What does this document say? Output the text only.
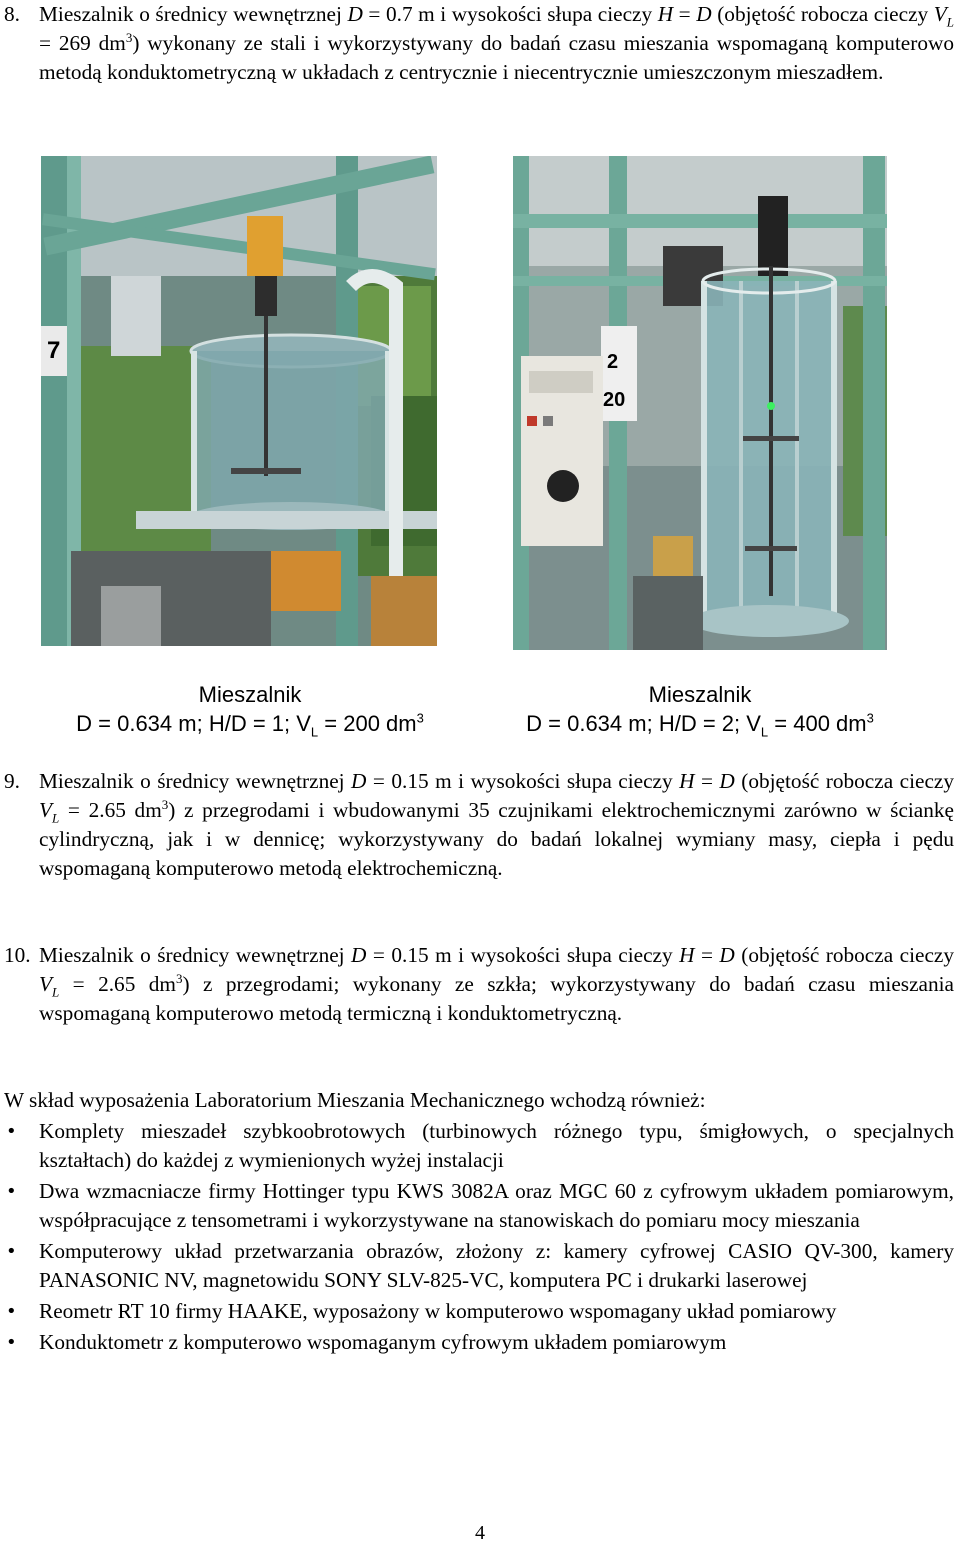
8. Mieszalnik o średnicy wewnętrznej D = 0.7 m i wysokości słupa cieczy H = D (objętość robocza cieczy $V_L = 269$ $dm^3$) wykonany ze stali i wykorzystywany do badań czasu mieszania wspomaganą komputerowo metodą konduktometryczną w układach z centrycznie i niecentrycznie umieszczonym mieszadłem.
7	2
20
Mieszalnik
D = 0.634 m; H/D = 1; $V_L = 200$ $dm^3$
Mieszalnik
D = 0.634 m; H/D = 2; $V_L = 400$ $dm^3$
9. Mieszalnik o średnicy wewnętrznej D = 0.15 m i wysokości słupa cieczy H = D (objętość robocza cieczy $V_L = 2.65$ $dm^3$) z przegrodami i wbudowanymi 35 czujnikami elektrochemicznymi zarówno w ściankę cylindryczną, jak i w dennicę; wykorzystywany do badań lokalnej wymiany masy, ciepła i pędu wspomaganą komputerowo metodą elektrochemiczną.
10. Mieszalnik o średnicy wewnętrznej D = 0.15 m i wysokości słupa cieczy H = D (objętość robocza cieczy $V_L = 2.65$ $dm^3$) z przegrodami; wykonany ze szkła; wykorzystywany do badań czasu mieszania wspomaganą komputerowo metodą termiczną i konduktometryczną.
W skład wyposażenia Laboratorium Mieszania Mechanicznego wchodzą również:
• Komplety mieszadeł szybkoobrotowych (turbinowych różnego typu, śmigłowych, o specjalnych kształtach) do każdej z wymienionych wyżej instalacji
• Dwa wzmacniacze firmy Hottinger typu KWS 3082A oraz MGC 60 z cyfrowym układem pomiarowym, współpracujące z tensometrami i wykorzystywane na stanowiskach do pomiaru mocy mieszania
• Komputerowy układ przetwarzania obrazów, złożony z: kamery cyfrowej CASIO QV-300, kamery PANASONIC NV, magnetowidu SONY SLV-825-VC, komputera PC i drukarki laserowej
• Reometr RT 10 firmy HAAKE, wyposażony w komputerowo wspomagany układ pomiarowy
• Konduktometr z komputerowo wspomaganym cyfrowym układem pomiarowym
4
